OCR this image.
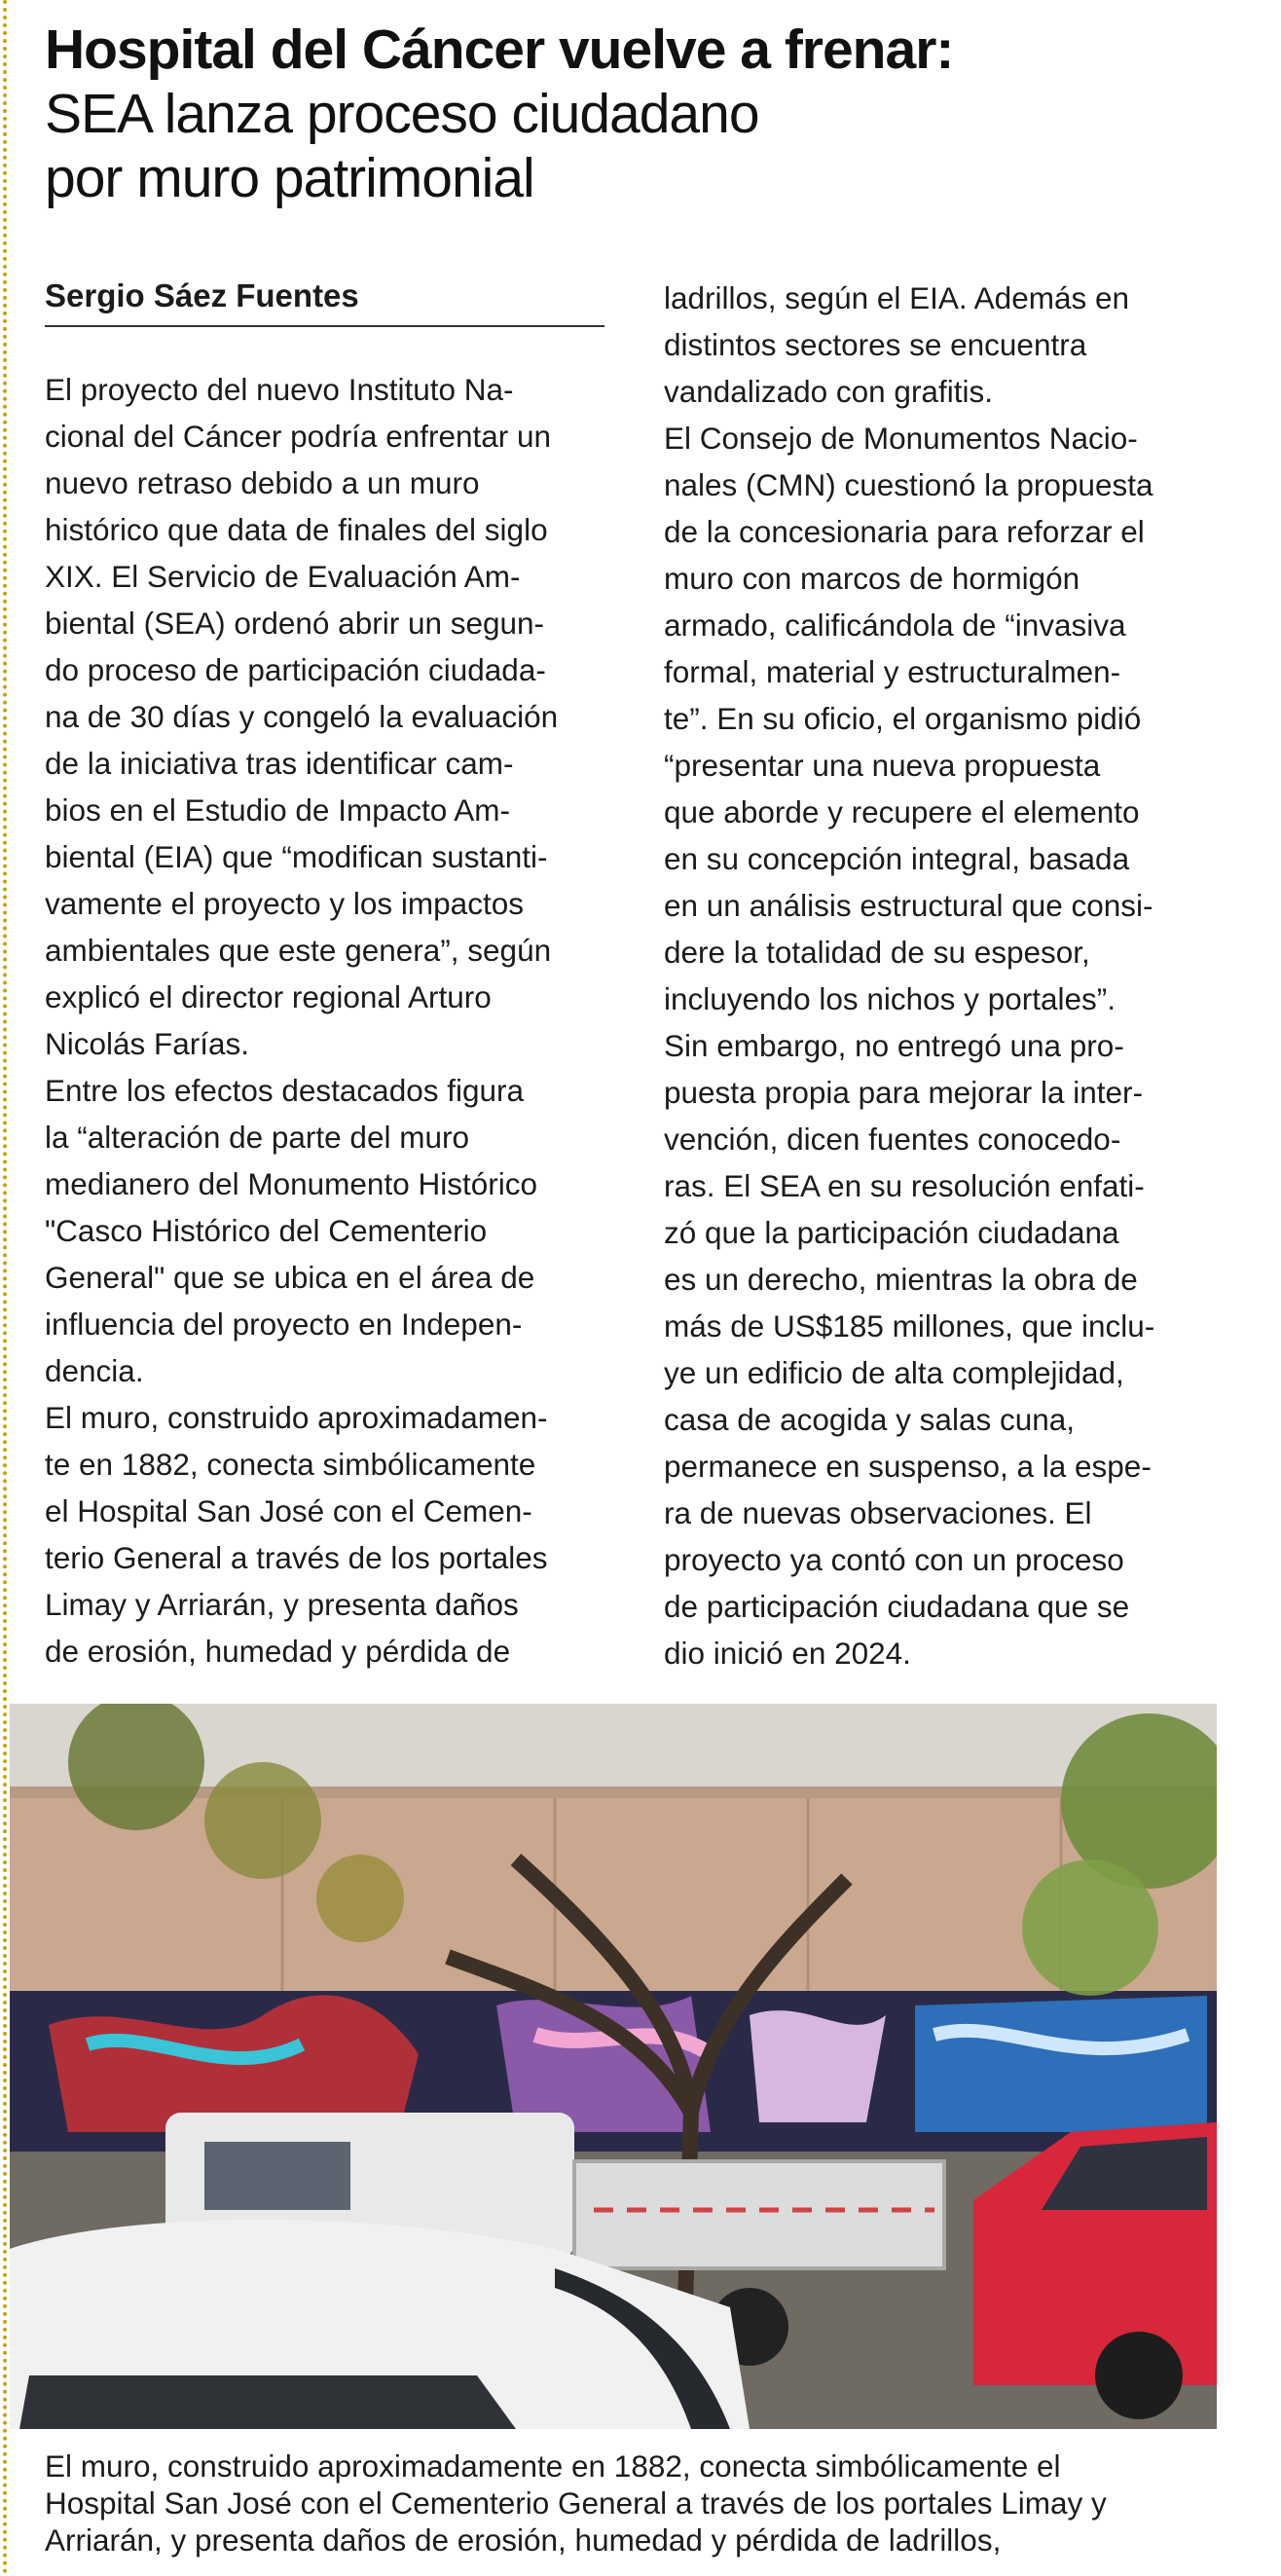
Hospital del Cáncer vuelve a frenar:
SEA lanza proceso ciudadano
por muro patrimonial
Sergio Sáez Fuentes
El proyecto del nuevo Instituto Na-
cional del Cáncer podría enfrentar un
nuevo retraso debido a un muro
histórico que data de finales del siglo
XIX. El Servicio de Evaluación Am-
biental (SEA) ordenó abrir un segun-
do proceso de participación ciudada-
na de 30 días y congeló la evaluación
de la iniciativa tras identificar cam-
bios en el Estudio de Impacto Am-
biental (EIA) que “modifican sustanti-
vamente el proyecto y los impactos
ambientales que este genera”, según
explicó el director regional Arturo
Nicolás Farías.
Entre los efectos destacados figura
la “alteración de parte del muro
medianero del Monumento Histórico
"Casco Histórico del Cementerio
General" que se ubica en el área de
influencia del proyecto en Indepen-
dencia.
El muro, construido aproximadamen-
te en 1882, conecta simbólicamente
el Hospital San José con el Cemen-
terio General a través de los portales
Limay y Arriarán, y presenta daños
de erosión, humedad y pérdida de
ladrillos, según el EIA. Además en
distintos sectores se encuentra
vandalizado con grafitis.
El Consejo de Monumentos Nacio-
nales (CMN) cuestionó la propuesta
de la concesionaria para reforzar el
muro con marcos de hormigón
armado, calificándola de “invasiva
formal, material y estructuralmen-
te”. En su oficio, el organismo pidió
“presentar una nueva propuesta
que aborde y recupere el elemento
en su concepción integral, basada
en un análisis estructural que consi-
dere la totalidad de su espesor,
incluyendo los nichos y portales”.
Sin embargo, no entregó una pro-
puesta propia para mejorar la inter-
vención, dicen fuentes conocedo-
ras. El SEA en su resolución enfati-
zó que la participación ciudadana
es un derecho, mientras la obra de
más de US$185 millones, que inclu-
ye un edificio de alta complejidad,
casa de acogida y salas cuna,
permanece en suspenso, a la espe-
ra de nuevas observaciones. El
proyecto ya contó con un proceso
de participación ciudadana que se
dio inició en 2024.
El muro, construido aproximadamente en 1882, conecta simbólicamente el
Hospital San José con el Cementerio General a través de los portales Limay y
Arriarán, y presenta daños de erosión, humedad y pérdida de ladrillos,
